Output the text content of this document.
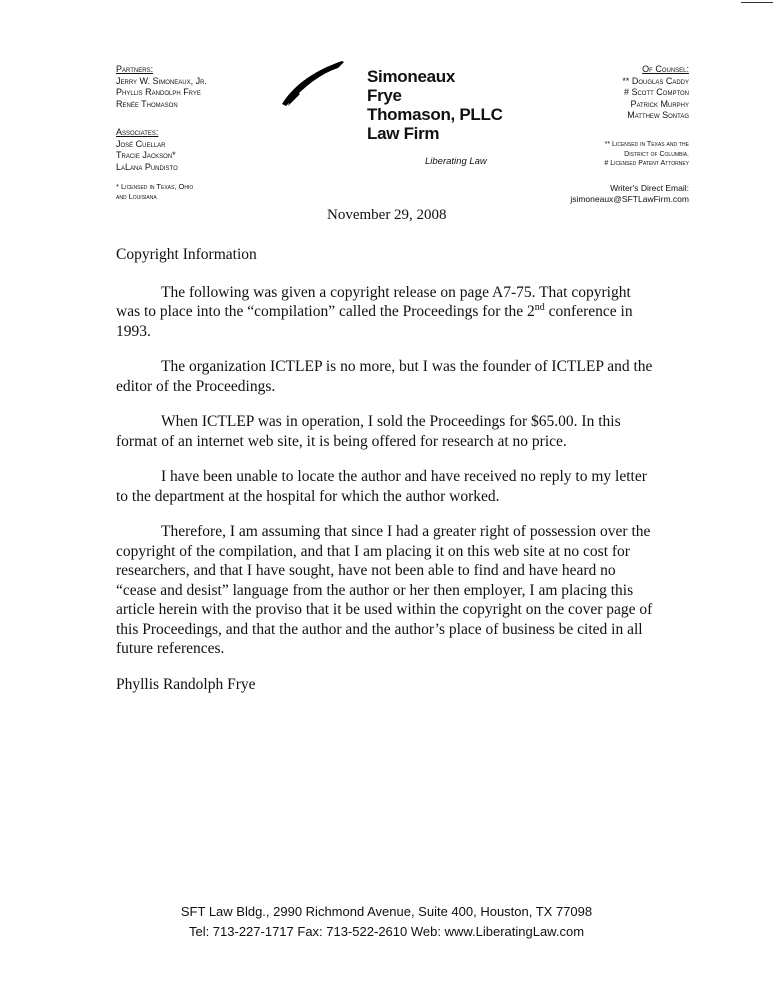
Partners:
Jerry W. Simoneaux, Jr.
Phyllis Randolph Frye
Renée Thomason
Associates:
José Cuellar
Tracie Jackson*
LaLana Pundisto
* Licensed in Texas, Ohio
and Louisiana
Simoneaux
Frye
Thomason, PLLC
Law Firm
Liberating Law
Of Counsel:
** Douglas Caddy
# Scott Compton
Patrick Murphy
Matthew Sontag
** Licensed in Texas and the
District of Columbia.
# Licensed Patent Attorney
Writer's Direct Email:
jsimoneaux@SFTLawFirm.com
November 29, 2008

Copyright Information

The following was given a copyright release on page A7-75. That copyright was to place into the “compilation” called the Proceedings for the 2nd conference in 1993.

The organization ICTLEP is no more, but I was the founder of ICTLEP and the editor of the Proceedings.

When ICTLEP was in operation, I sold the Proceedings for $65.00. In this format of an internet web site, it is being offered for research at no price.

I have been unable to locate the author and have received no reply to my letter to the department at the hospital for which the author worked.

Therefore, I am assuming that since I had a greater right of possession over the copyright of the compilation, and that I am placing it on this web site at no cost for researchers, and that I have sought, have not been able to find and have heard no “cease and desist” language from the author or her then employer, I am placing this article herein with the proviso that it be used within the copyright on the cover page of this Proceedings, and that the author and the author’s place of business be cited in all future references.

Phyllis Randolph Frye

SFT Law Bldg., 2990 Richmond Avenue, Suite 400, Houston, TX 77098
Tel: 713-227-1717 Fax: 713-522-2610 Web: www.LiberatingLaw.com
